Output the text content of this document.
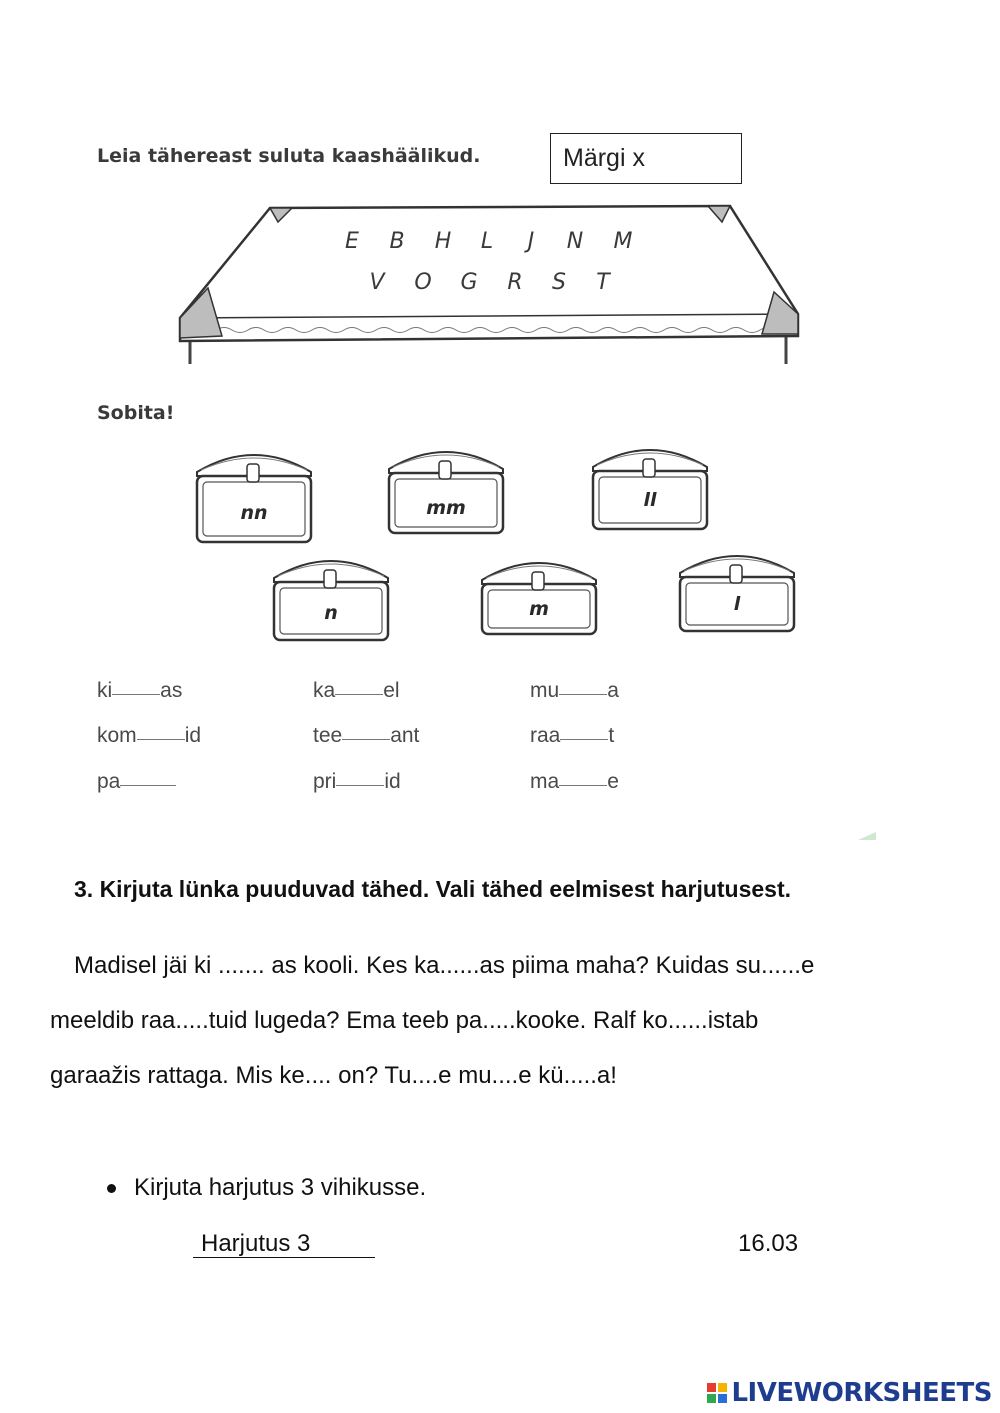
Leia tähereast suluta kaashäälikud.	Märgi x
E	B	H	L	J	N	M
V	O G	R	S	T
Sobita!
nn	mm	ll
n	m	l
ki as	ka el	mu a
kom id	tee ant	raa t
pa	pri id	ma e
3. Kirjuta lünka puuduvad tähed. Vali tähed eelmisest harjutusest.
Madisel jäi ki ....... as kooli. Kes ka......as piima maha? Kuidas su......e
meeldib raa.....tuid lugeda? Ema teeb pa.....kooke. Ralf ko......istab
garaažis rattaga. Mis ke.... on? Tu....e mu....e kü.....a!
Kirjuta harjutus 3 vihikusse.
Harjutus 3	16.03
LIVEWORKSHEETS
